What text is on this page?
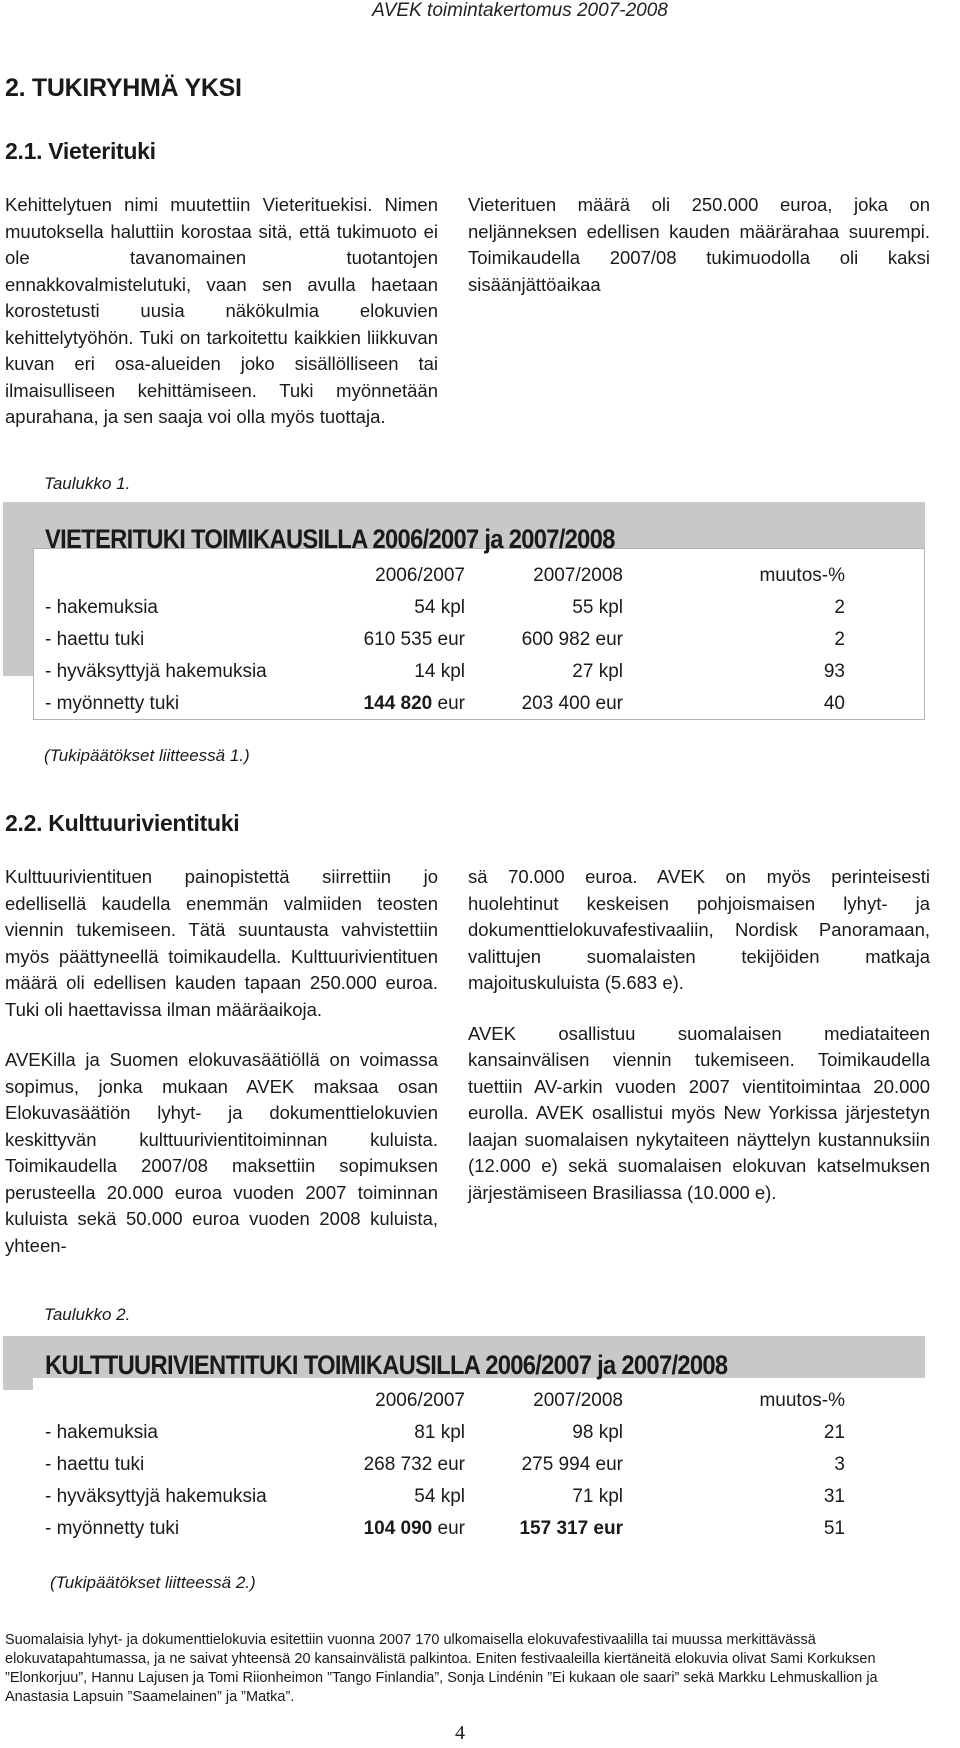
AVEK toimintakertomus 2007-2008
2. TUKIRYHMÄ YKSI
2.1. Vieterituki

Kehittelytuen nimi muutettiin Vieterituekisi. Nimen muutoksella haluttiin korostaa sitä, että tukimuoto ei ole tavanomainen tuotantojen ennakkovalmistelutuki, vaan sen avulla haetaan korostetusti uusia näkökulmia elokuvien kehittelytyöhön. Tuki on tarkoitettu kaikkien liikkuvan kuvan eri osa-alueiden joko sisällölliseen tai ilmaisulliseen kehittämiseen. Tuki myönnetään apurahana, ja sen saaja voi olla myös tuottaja.

Vieterituen määrä oli 250.000 euroa, joka on neljänneksen edellisen kauden määrärahaa suurempi. Toimikaudella 2007/08 tukimuodolla oli kaksi sisäänjättöaikaa

Taulukko 1.
VIETERITUKI TOIMIKAUSILLA 2006/2007 ja 2007/2008
2006/2007	2007/2008	muutos-%
- hakemuksia	54 kpl	55 kpl	2
- haettu tuki	610 535 eur	600 982 eur	2
- hyväksyttyjä hakemuksia	14 kpl	27 kpl	93
- myönnetty tuki	144 820 eur	203 400 eur	40
(Tukipäätökset liitteessä 1.)
2.2. Kulttuurivientituki

Kulttuurivientituen painopistettä siirrettiin jo edellisellä kaudella enemmän valmiiden teosten viennin tukemiseen. Tätä suuntausta vahvistettiin myös päättyneellä toimikaudella. Kulttuurivientituen määrä oli edellisen kauden tapaan 250.000 euroa. Tuki oli haettavissa ilman määräaikoja.

AVEKilla ja Suomen elokuvasäätiöllä on voimassa sopimus, jonka mukaan AVEK maksaa osan Elokuvasäätiön lyhyt- ja dokumenttielokuvien keskittyvän kulttuurivientitoiminnan kuluista. Toimikaudella 2007/08 maksettiin sopimuksen perusteella 20.000 euroa vuoden 2007 toiminnan kuluista sekä 50.000 euroa vuoden 2008 kuluista, yhteen-

sä 70.000 euroa. AVEK on myös perinteisesti huolehtinut keskeisen pohjoismaisen lyhyt- ja dokumenttielokuvafestivaaliin, Nordisk Panoramaan, valittujen suomalaisten tekijöiden matkaja majoituskuluista (5.683 e).

AVEK osallistuu suomalaisen mediataiteen kansainvälisen viennin tukemiseen. Toimikaudella tuettiin AV-arkin vuoden 2007 vientitoimintaa 20.000 eurolla. AVEK osallistui myös New Yorkissa järjestetyn laajan suomalaisen nykytaiteen näyttelyn kustannuksiin (12.000 e) sekä suomalaisen elokuvan katselmuksen järjestämiseen Brasiliassa (10.000 e).

Taulukko 2.
KULTTUURIVIENTITUKI TOIMIKAUSILLA 2006/2007 ja 2007/2008
2006/2007	2007/2008	muutos-%
- hakemuksia	81 kpl	98 kpl	21
- haettu tuki	268 732 eur	275 994 eur	3
- hyväksyttyjä hakemuksia	54 kpl	71 kpl	31
- myönnetty tuki	104 090 eur	157 317 eur	51
(Tukipäätökset liitteessä 2.)
Suomalaisia lyhyt- ja dokumenttielokuvia esitettiin vuonna 2007 170 ulkomaisella elokuvafestivaalilla tai muussa merkittävässä elokuvatapahtumassa, ja ne saivat yhteensä 20 kansainvälistä palkintoa. Eniten festivaaleilla kiertäneitä elokuvia olivat Sami Korkuksen ”Elonkorjuu”, Hannu Lajusen ja Tomi Riionheimon ”Tango Finlandia”, Sonja Lindénin ”Ei kukaan ole saari” sekä Markku Lehmuskallion ja Anastasia Lapsuin ”Saamelainen” ja ”Matka”.
4
